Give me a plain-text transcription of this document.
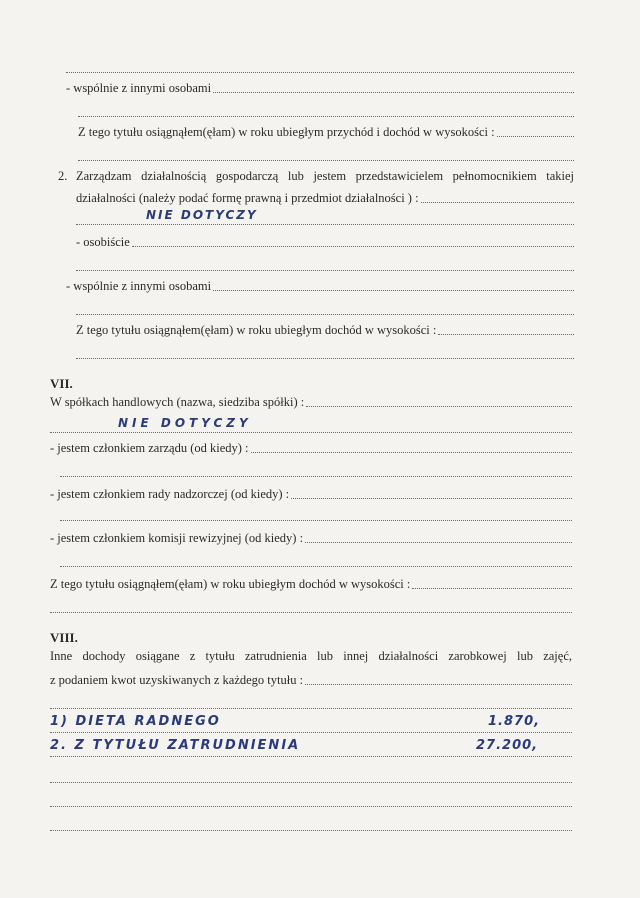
- wspólnie z innymi osobami
Z tego tytułu osiągnąłem(ęłam) w roku ubiegłym przychód i dochód w wysokości :
2. Zarządzam działalnością gospodarczą lub jestem przedstawicielem pełnomocnikiem takiej
działalności (należy podać formę prawną i przedmiot działalności ) :
NIE DOTYCZY
- osobiście
- wspólnie z innymi osobami
Z tego tytułu osiągnąłem(ęłam) w roku ubiegłym dochód w wysokości :
VII.
W spółkach handlowych (nazwa, siedziba spółki) :
NIE DOTYCZY
- jestem członkiem zarządu (od kiedy) :
- jestem członkiem rady nadzorczej (od kiedy) :
- jestem członkiem komisji rewizyjnej (od kiedy) :
Z tego tytułu osiągnąłem(ęłam) w roku ubiegłym dochód w wysokości :
VIII.
Inne dochody osiągane z tytułu zatrudnienia lub innej działalności zarobkowej lub zajęć,
z podaniem kwot uzyskiwanych z każdego tytułu :
1) DIETA RADNEGO	1.870,
2. Z TYTUŁU ZATRUDNIENIA	27.200,
